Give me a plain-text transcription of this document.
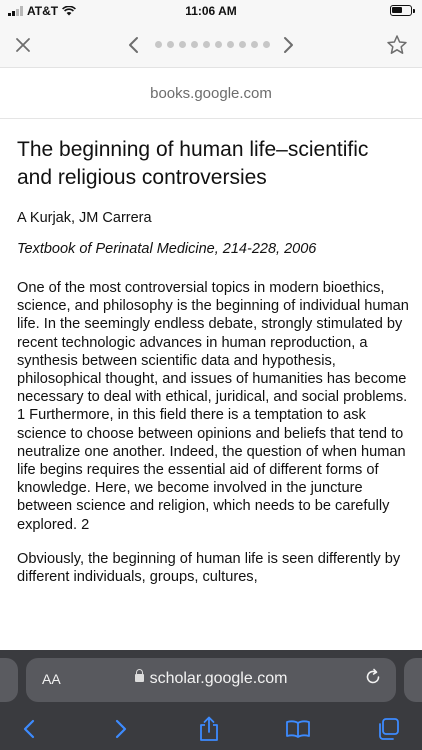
AT&T	11:06 AM
books.google.com
The beginning of human life–scientific and religious controversies
A Kurjak, JM Carrera
Textbook of Perinatal Medicine, 214-228, 2006

One of the most controversial topics in modern bioethics, science, and philosophy is the beginning of individual human life. In the seemingly endless debate, strongly stimulated by recent technologic advances in human reproduction, a synthesis between scientific data and hypothesis, philosophical thought, and issues of humanities has become necessary to deal with ethical, juridical, and social problems. 1 Furthermore, in this field there is a temptation to ask science to choose between opinions and beliefs that tend to neutralize one another. Indeed, the question of when human life begins requires the essential aid of different forms of knowledge. Here, we become involved in the juncture between science and religion, which needs to be carefully explored. 2

Obviously, the beginning of human life is seen differently by different individuals, groups, cultures,

AA	scholar.google.com
